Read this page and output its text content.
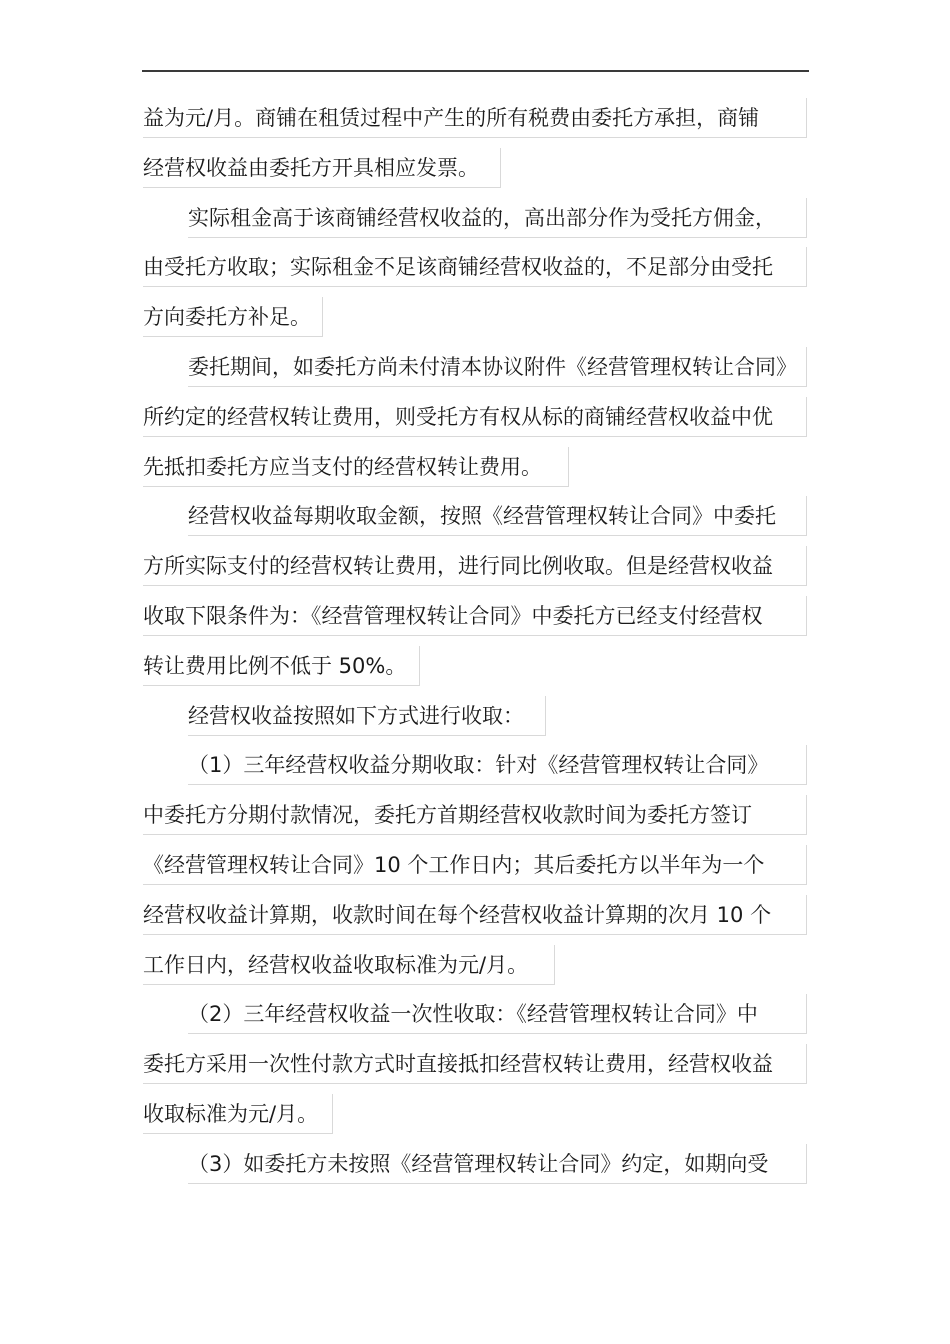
益为元/月。商铺在租赁过程中产生的所有税费由委托方承担，商铺
经营权收益由委托方开具相应发票。
实际租金高于该商铺经营权收益的，高出部分作为受托方佣金，
由受托方收取；实际租金不足该商铺经营权收益的，不足部分由受托
方向委托方补足。
委托期间，如委托方尚未付清本协议附件《经营管理权转让合同》
所约定的经营权转让费用，则受托方有权从标的商铺经营权收益中优
先抵扣委托方应当支付的经营权转让费用。
经营权收益每期收取金额，按照《经营管理权转让合同》中委托
方所实际支付的经营权转让费用，进行同比例收取。但是经营权收益
收取下限条件为：《经营管理权转让合同》中委托方已经支付经营权
转让费用比例不低于 50%。
经营权收益按照如下方式进行收取：
（1）三年经营权收益分期收取：针对《经营管理权转让合同》
中委托方分期付款情况，委托方首期经营权收款时间为委托方签订
《经营管理权转让合同》10 个工作日内；其后委托方以半年为一个
经营权收益计算期，收款时间在每个经营权收益计算期的次月 10 个
工作日内，经营权收益收取标准为元/月。
（2）三年经营权收益一次性收取：《经营管理权转让合同》中
委托方采用一次性付款方式时直接抵扣经营权转让费用，经营权收益
收取标准为元/月。
（3）如委托方未按照《经营管理权转让合同》约定，如期向受
